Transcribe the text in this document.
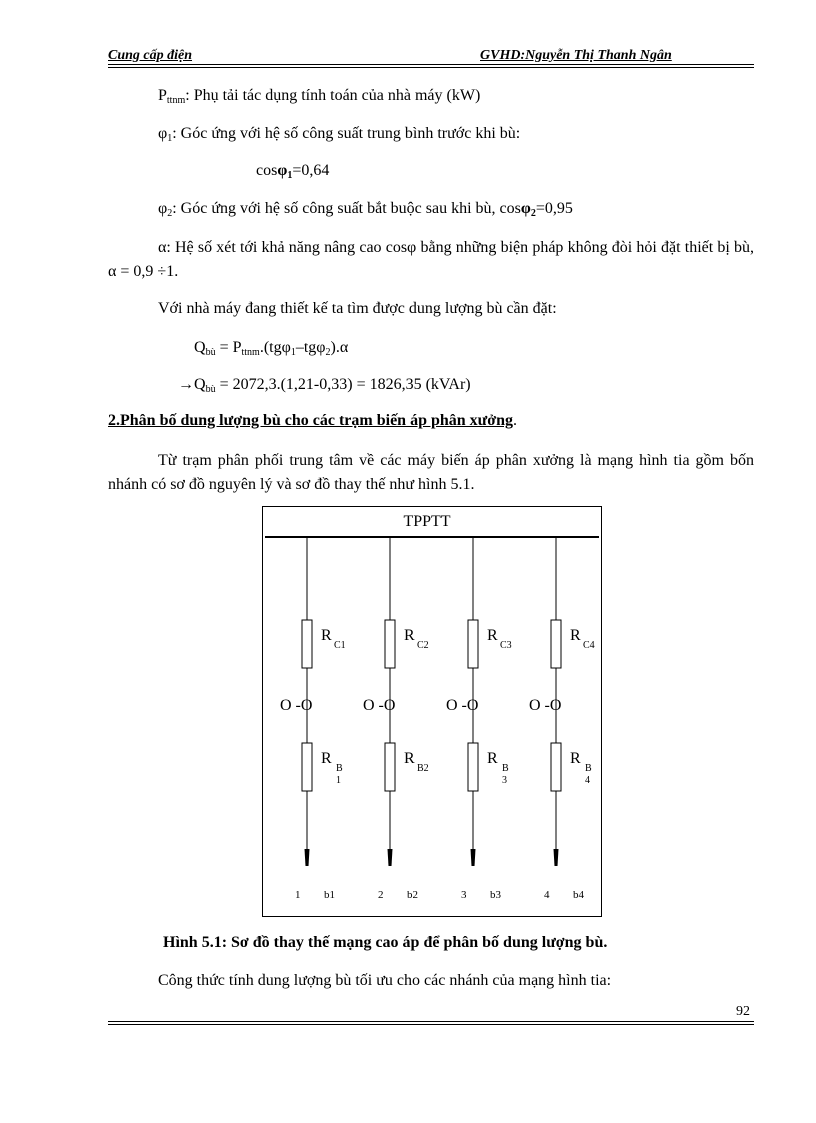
Cung cấp điện	GVHD:Nguyễn Thị Thanh Ngân
$P_{ttnm}$: Phụ tải tác dụng tính toán của nhà máy (kW)
$\varphi_1$: Góc ứng với hệ số công suất trung bình trước khi bù:
cosφ$_1$=0,64
$\varphi_2$: Góc ứng với hệ số công suất bắt buộc sau khi bù, cosφ$_2$=0,95
α: Hệ số xét tới khả năng nâng cao cosφ bằng những biện pháp không đòi hỏi đặt thiết bị bù, α = 0,9 ÷1.
Với nhà máy đang thiết kế ta tìm được dung lượng bù cần đặt:
$Q_{bù} = P_{ttnm}.(tg\varphi_1-tg\varphi_2).\alpha$
$\to Q_{bù} = 2072,3.(1,21-0,33) = 1826,35$ (kVAr)
2.Phân bố dung lượng bù cho các trạm biến áp phân xưởng.
Từ trạm phân phối trung tâm về các máy biến áp phân xưởng là mạng hình tia gồm bốn nhánh có sơ đồ nguyên lý và sơ đồ thay thế như hình 5.1.
TPPTT
R
C1
O -O
R
B
1
1 b1
R
C2
O -O
R
B2
2 b2
R
C3
O -O
R
B
3
3 b3
R
C4
O -O
R
B
4
4 b4
Hình 5.1: Sơ đồ thay thế mạng cao áp để phân bố dung lượng bù.
Công thức tính dung lượng bù tối ưu cho các nhánh của mạng hình tia:
92
